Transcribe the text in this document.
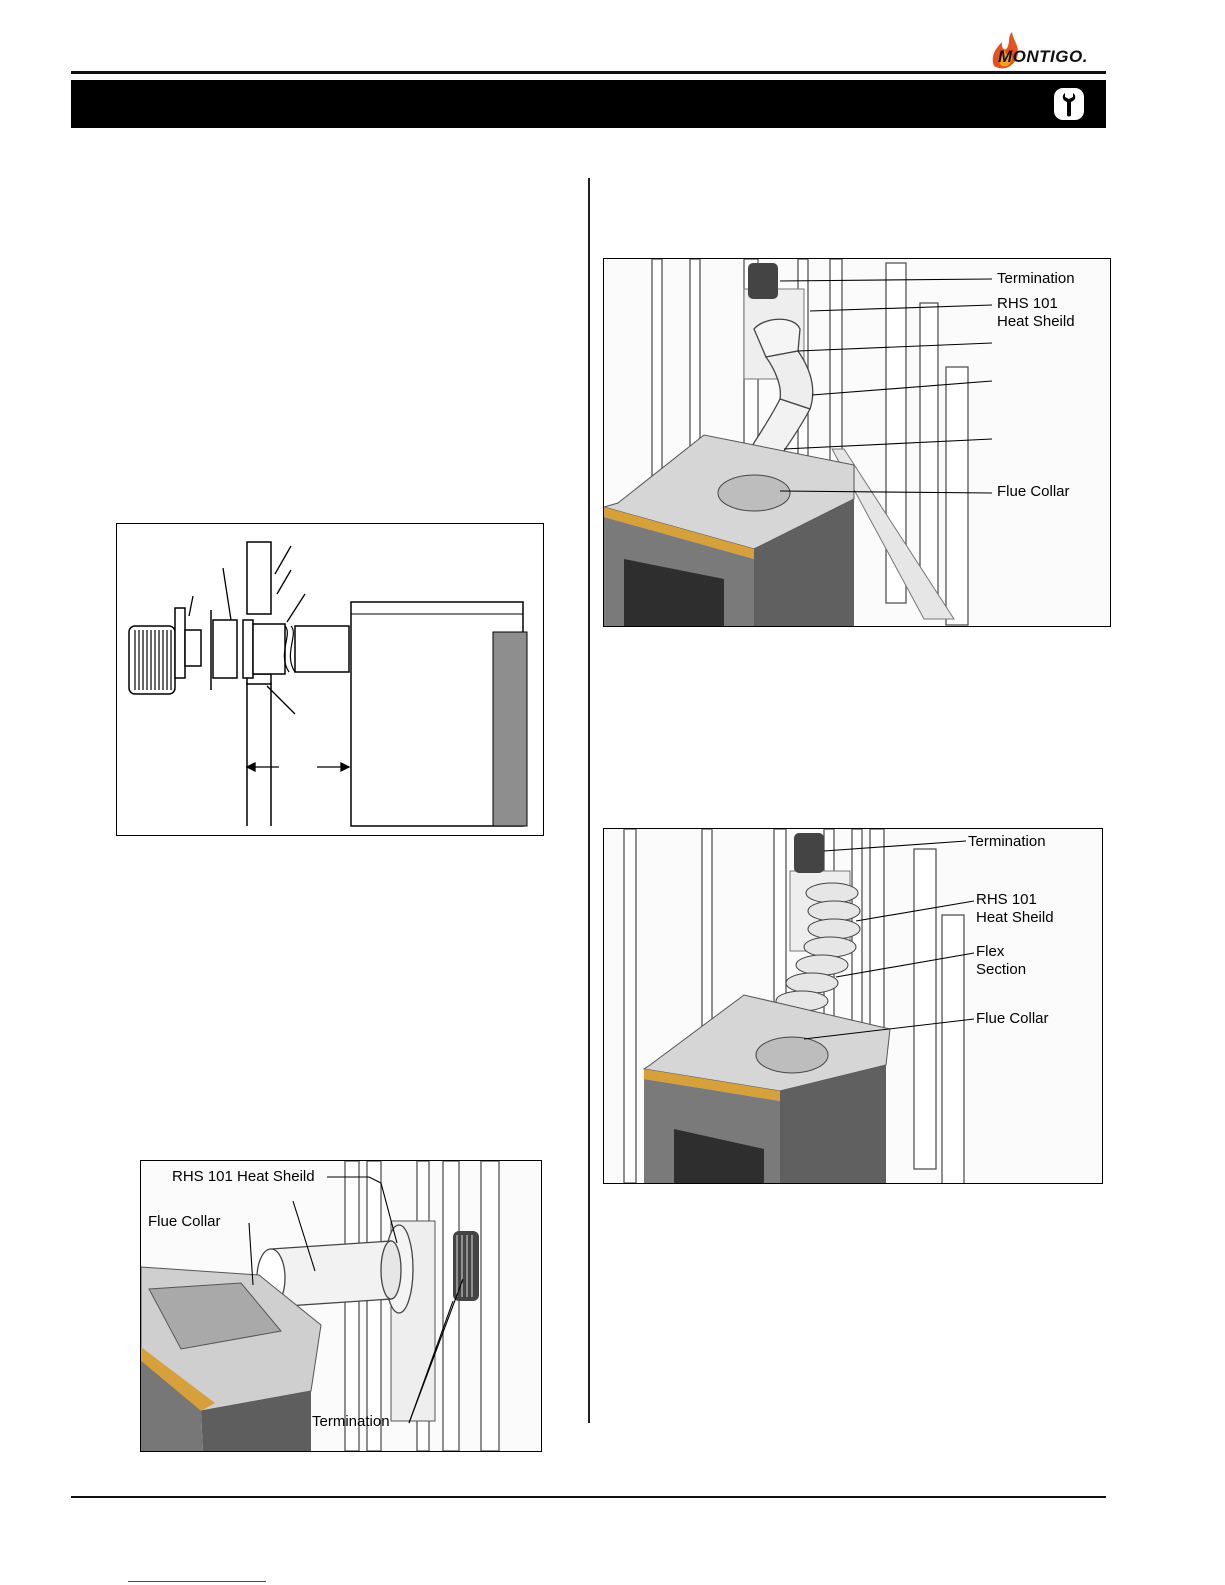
MONTIGO.
RHS 101 Heat Sheild
Flue Collar
Termination
Termination
RHS 101
Heat Sheild
Flue Collar
Termination
RHS 101
Heat Sheild
Flex
Section
Flue Collar
